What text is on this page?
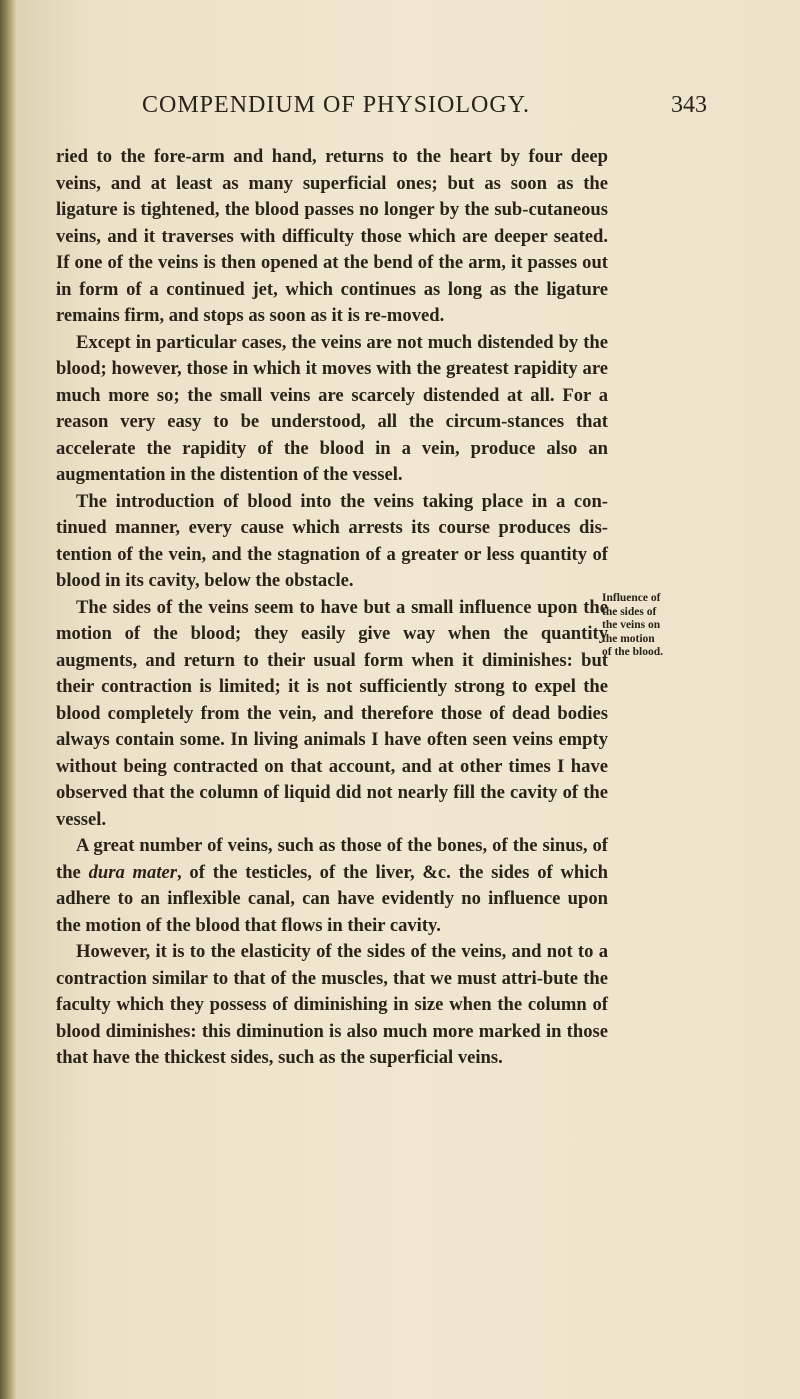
COMPENDIUM OF PHYSIOLOGY.	343

ried to the fore-arm and hand, returns to the heart by four deep veins, and at least as many superficial ones; but as soon as the ligature is tightened, the blood passes no longer by the sub-cutaneous veins, and it traverses with difficulty those which are deeper seated. If one of the veins is then opened at the bend of the arm, it passes out in form of a continued jet, which continues as long as the ligature remains firm, and stops as soon as it is re-moved.

Except in particular cases, the veins are not much distended by the blood; however, those in which it moves with the greatest rapidity are much more so; the small veins are scarcely distended at all. For a reason very easy to be understood, all the circum-stances that accelerate the rapidity of the blood in a vein, produce also an augmentation in the distention of the vessel.

The introduction of blood into the veins taking place in a con-tinued manner, every cause which arrests its course produces dis-tention of the vein, and the stagnation of a greater or less quantity of blood in its cavity, below the obstacle.

The sides of the veins seem to have but a small influence upon the motion of the blood; they easily give way when the quantity augments, and return to their usual form when it diminishes: but their contraction is limited; it is not sufficiently strong to expel the blood completely from the vein, and therefore those of dead bodies always contain some. In living animals I have often seen veins empty without being contracted on that account, and at other times I have observed that the column of liquid did not nearly fill the cavity of the vessel.

A great number of veins, such as those of the bones, of the sinus, of the dura mater, of the testicles, of the liver, &c. the sides of which adhere to an inflexible canal, can have evidently no influence upon the motion of the blood that flows in their cavity.

However, it is to the elasticity of the sides of the veins, and not to a contraction similar to that of the muscles, that we must attri-bute the faculty which they possess of diminishing in size when the column of blood diminishes: this diminution is also much more marked in those that have the thickest sides, such as the superficial veins.

Influence of
the sides of
the veins on
the motion
of the blood.
